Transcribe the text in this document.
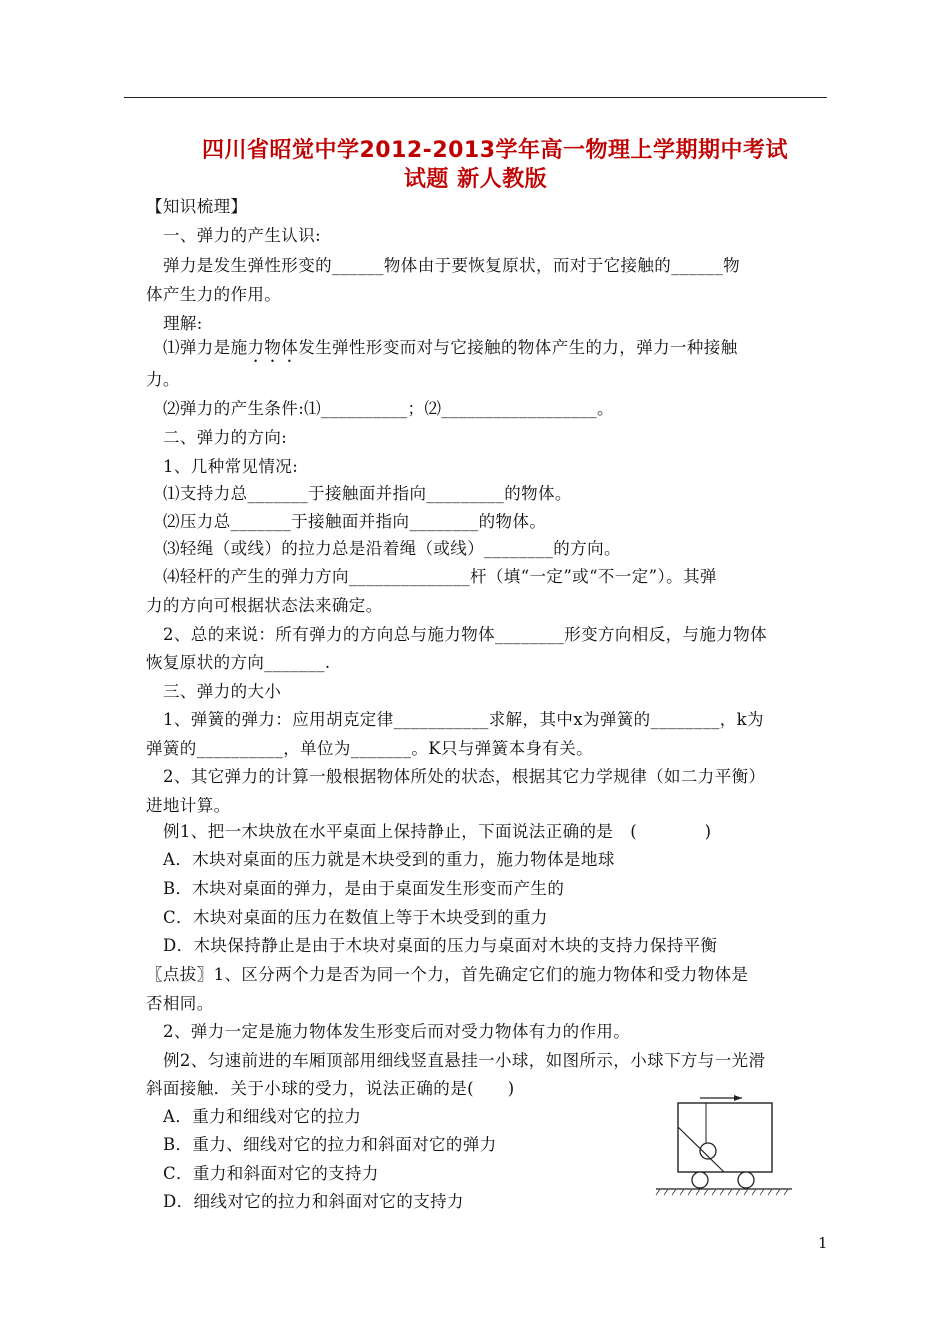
四川省昭觉中学2012-2013学年高一物理上学期期中考试
试题 新人教版
【知识梳理】
一、弹力的产生认识:
弹力是发生弹性形变的______物体由于要恢复原状，而对于它接触的______物
体产生力的作用。
理解:
⑴弹力是施力物体发生弹性形变而对与它接触的物体产生的力，弹力一种接触
力。
⑵弹力的产生条件:⑴__________；⑵__________________。
二、弹力的方向:
1、几种常见情况:
⑴支持力总_______于接触面并指向_________的物体。
⑵压力总_______于接触面并指向________的物体。
⑶轻绳（或线）的拉力总是沿着绳（或线）________的方向。
⑷轻杆的产生的弹力方向______________杆（填“一定”或“不一定”）。其弹
力的方向可根据状态法来确定。
2、总的来说：所有弹力的方向总与施力物体________形变方向相反，与施力物体
恢复原状的方向_______.
三、弹力的大小
1、弹簧的弹力：应用胡克定律___________求解，其中x为弹簧的________，k为
弹簧的__________，单位为_______。K只与弹簧本身有关。
2、其它弹力的计算一般根据物体所处的状态，根据其它力学规律（如二力平衡）
进地计算。
例1、把一木块放在水平桌面上保持静止，下面说法正确的是　(　　　　)
A．木块对桌面的压力就是木块受到的重力，施力物体是地球
B．木块对桌面的弹力，是由于桌面发生形变而产生的
C．木块对桌面的压力在数值上等于木块受到的重力
D．木块保持静止是由于木块对桌面的压力与桌面对木块的支持力保持平衡
〖点拔〗1、区分两个力是否为同一个力，首先确定它们的施力物体和受力物体是
否相同。
2、弹力一定是施力物体发生形变后而对受力物体有力的作用。
例2、匀速前进的车厢顶部用细线竖直悬挂一小球，如图所示，小球下方与一光滑
斜面接触．关于小球的受力，说法正确的是(　　)
A．重力和细线对它的拉力
B．重力、细线对它的拉力和斜面对它的弹力
C．重力和斜面对它的支持力
D．细线对它的拉力和斜面对它的支持力
1
